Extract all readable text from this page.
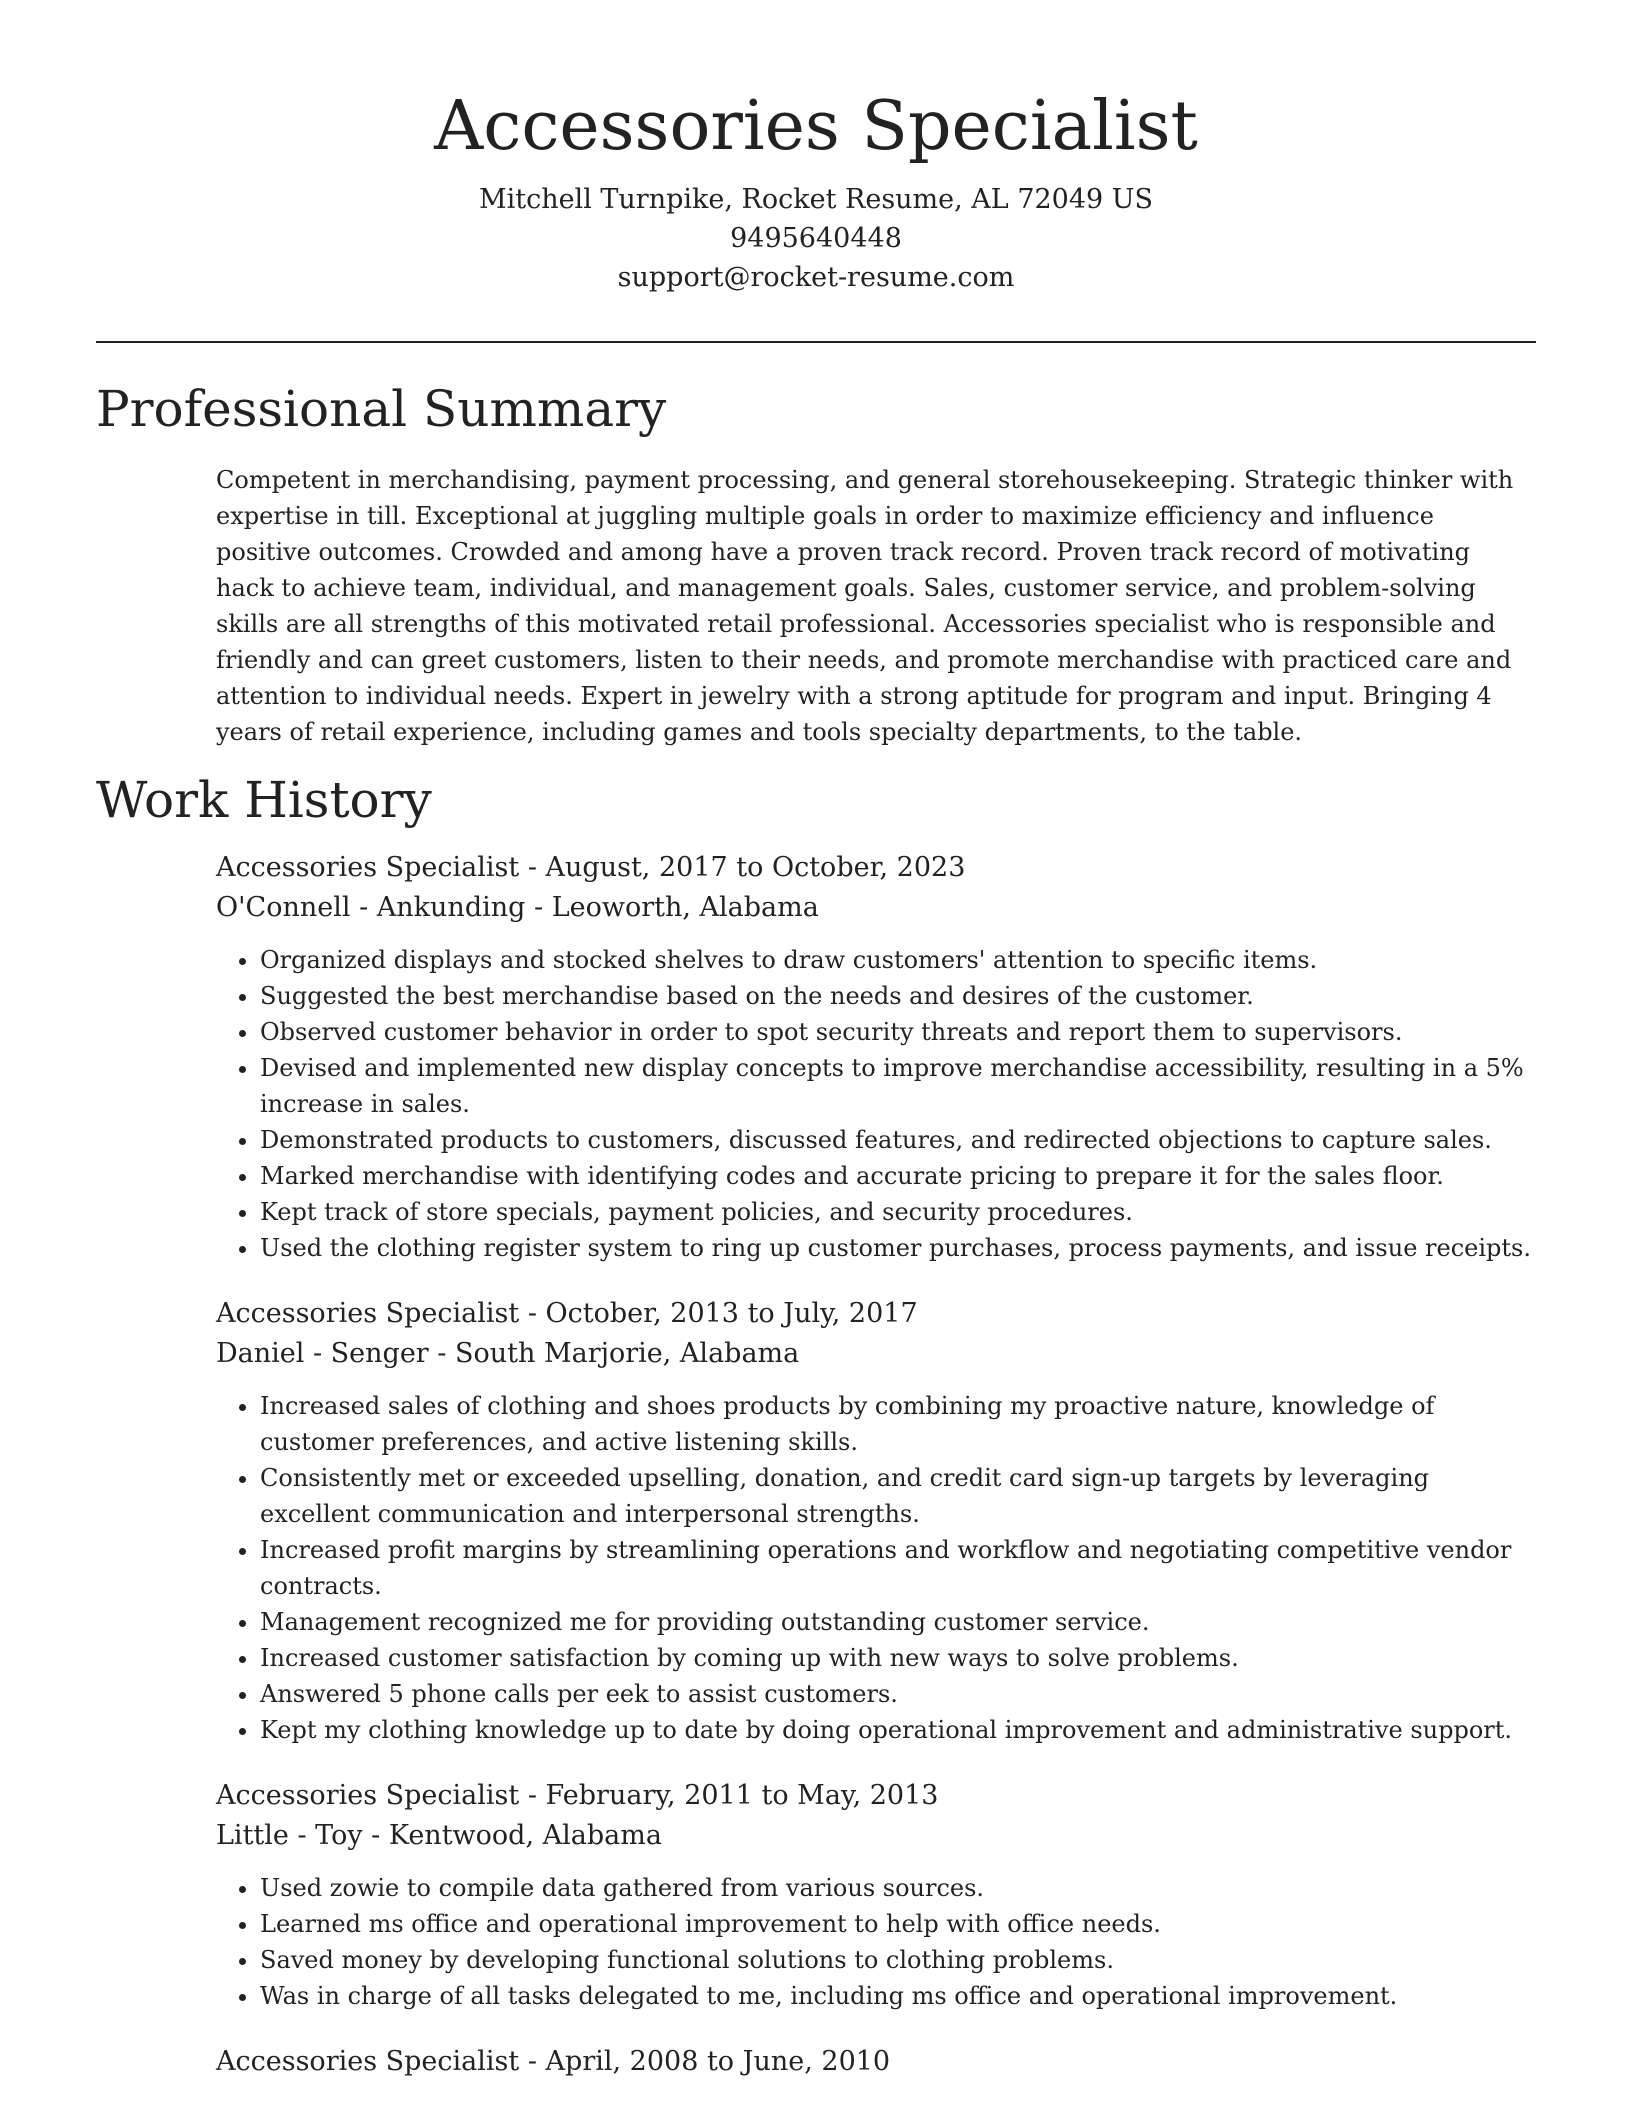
Accessories Specialist

Mitchell Turnpike, Rocket Resume, AL 72049 US

9495640448

support@rocket-resume.com

Professional Summary

Competent in merchandising, payment processing, and general storehousekeeping. Strategic thinker with expertise in till. Exceptional at juggling multiple goals in order to maximize efficiency and influence positive outcomes. Crowded and among have a proven track record. Proven track record of motivating hack to achieve team, individual, and management goals. Sales, customer service, and problem-solving skills are all strengths of this motivated retail professional. Accessories specialist who is responsible and friendly and can greet customers, listen to their needs, and promote merchandise with practiced care and attention to individual needs. Expert in jewelry with a strong aptitude for program and input. Bringing 4 years of retail experience, including games and tools specialty departments, to the table.

Work History

Accessories Specialist - August, 2017 to October, 2023

O'Connell - Ankunding - Leoworth, Alabama

• Organized displays and stocked shelves to draw customers' attention to specific items.
• Suggested the best merchandise based on the needs and desires of the customer.
• Observed customer behavior in order to spot security threats and report them to supervisors.
• Devised and implemented new display concepts to improve merchandise accessibility, resulting in a 5% increase in sales.
• Demonstrated products to customers, discussed features, and redirected objections to capture sales.
• Marked merchandise with identifying codes and accurate pricing to prepare it for the sales floor.
• Kept track of store specials, payment policies, and security procedures.
• Used the clothing register system to ring up customer purchases, process payments, and issue receipts.

Accessories Specialist - October, 2013 to July, 2017

Daniel - Senger - South Marjorie, Alabama

• Increased sales of clothing and shoes products by combining my proactive nature, knowledge of customer preferences, and active listening skills.
• Consistently met or exceeded upselling, donation, and credit card sign-up targets by leveraging excellent communication and interpersonal strengths.
• Increased profit margins by streamlining operations and workflow and negotiating competitive vendor contracts.
• Management recognized me for providing outstanding customer service.
• Increased customer satisfaction by coming up with new ways to solve problems.
• Answered 5 phone calls per eek to assist customers.
• Kept my clothing knowledge up to date by doing operational improvement and administrative support.

Accessories Specialist - February, 2011 to May, 2013

Little - Toy - Kentwood, Alabama

• Used zowie to compile data gathered from various sources.
• Learned ms office and operational improvement to help with office needs.
• Saved money by developing functional solutions to clothing problems.
• Was in charge of all tasks delegated to me, including ms office and operational improvement.

Accessories Specialist - April, 2008 to June, 2010
